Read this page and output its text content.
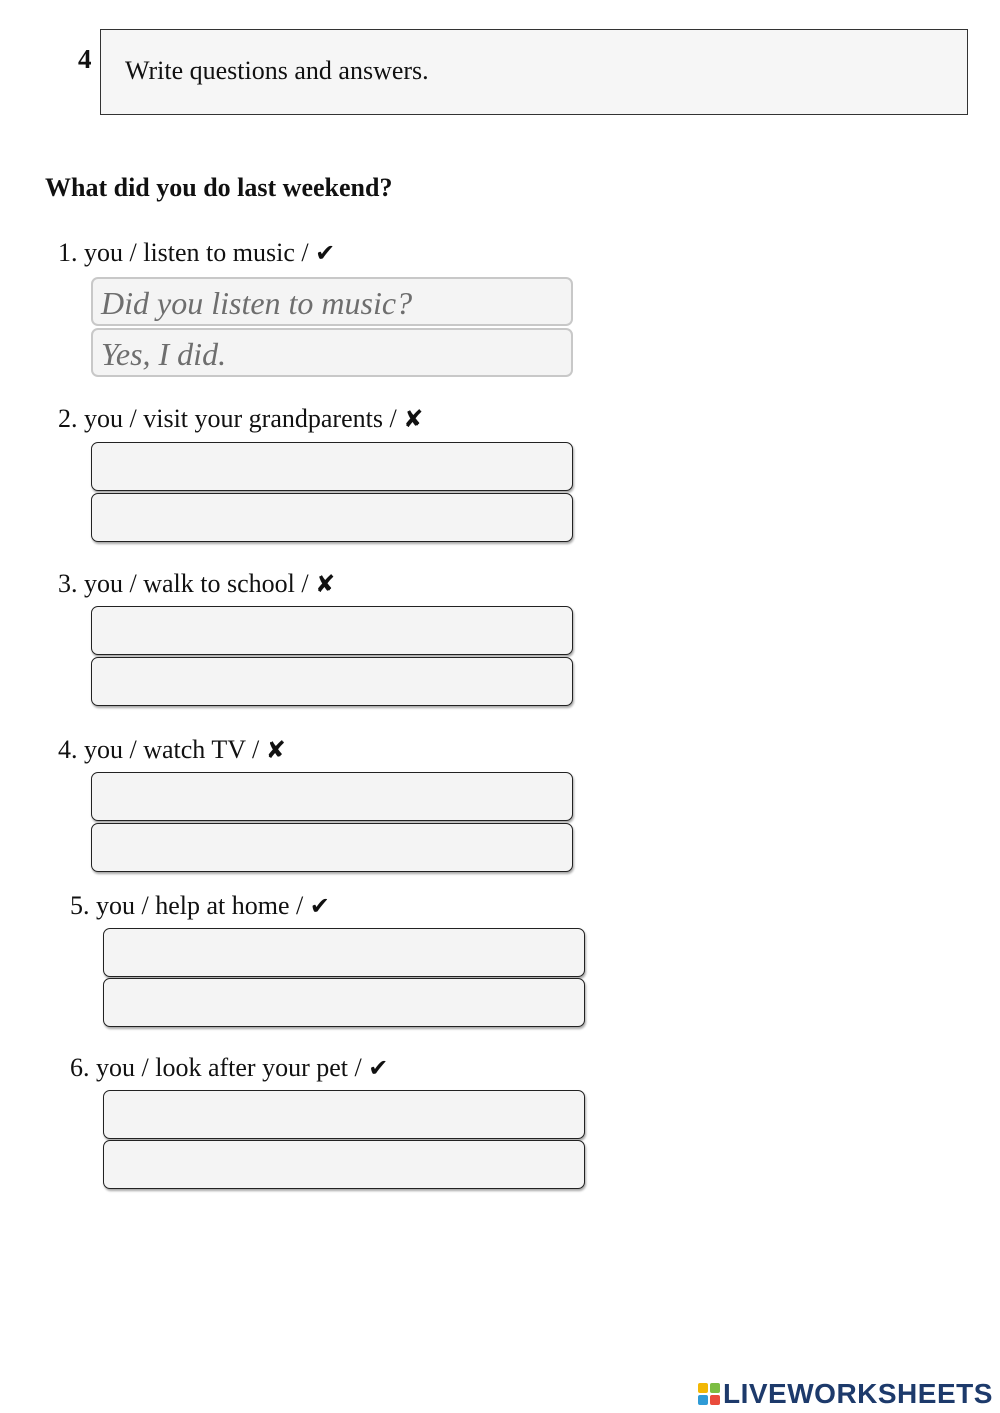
4 Write questions and answers.
What did you do last weekend?
1. you / listen to music / ✔
Did you listen to music?
Yes, I did.
2. you / visit your grandparents / ✘
3. you / walk to school / ✘
4. you / watch TV / ✘
5. you / help at home / ✔
6. you / look after your pet / ✔
LIVEWORKSHEETS
